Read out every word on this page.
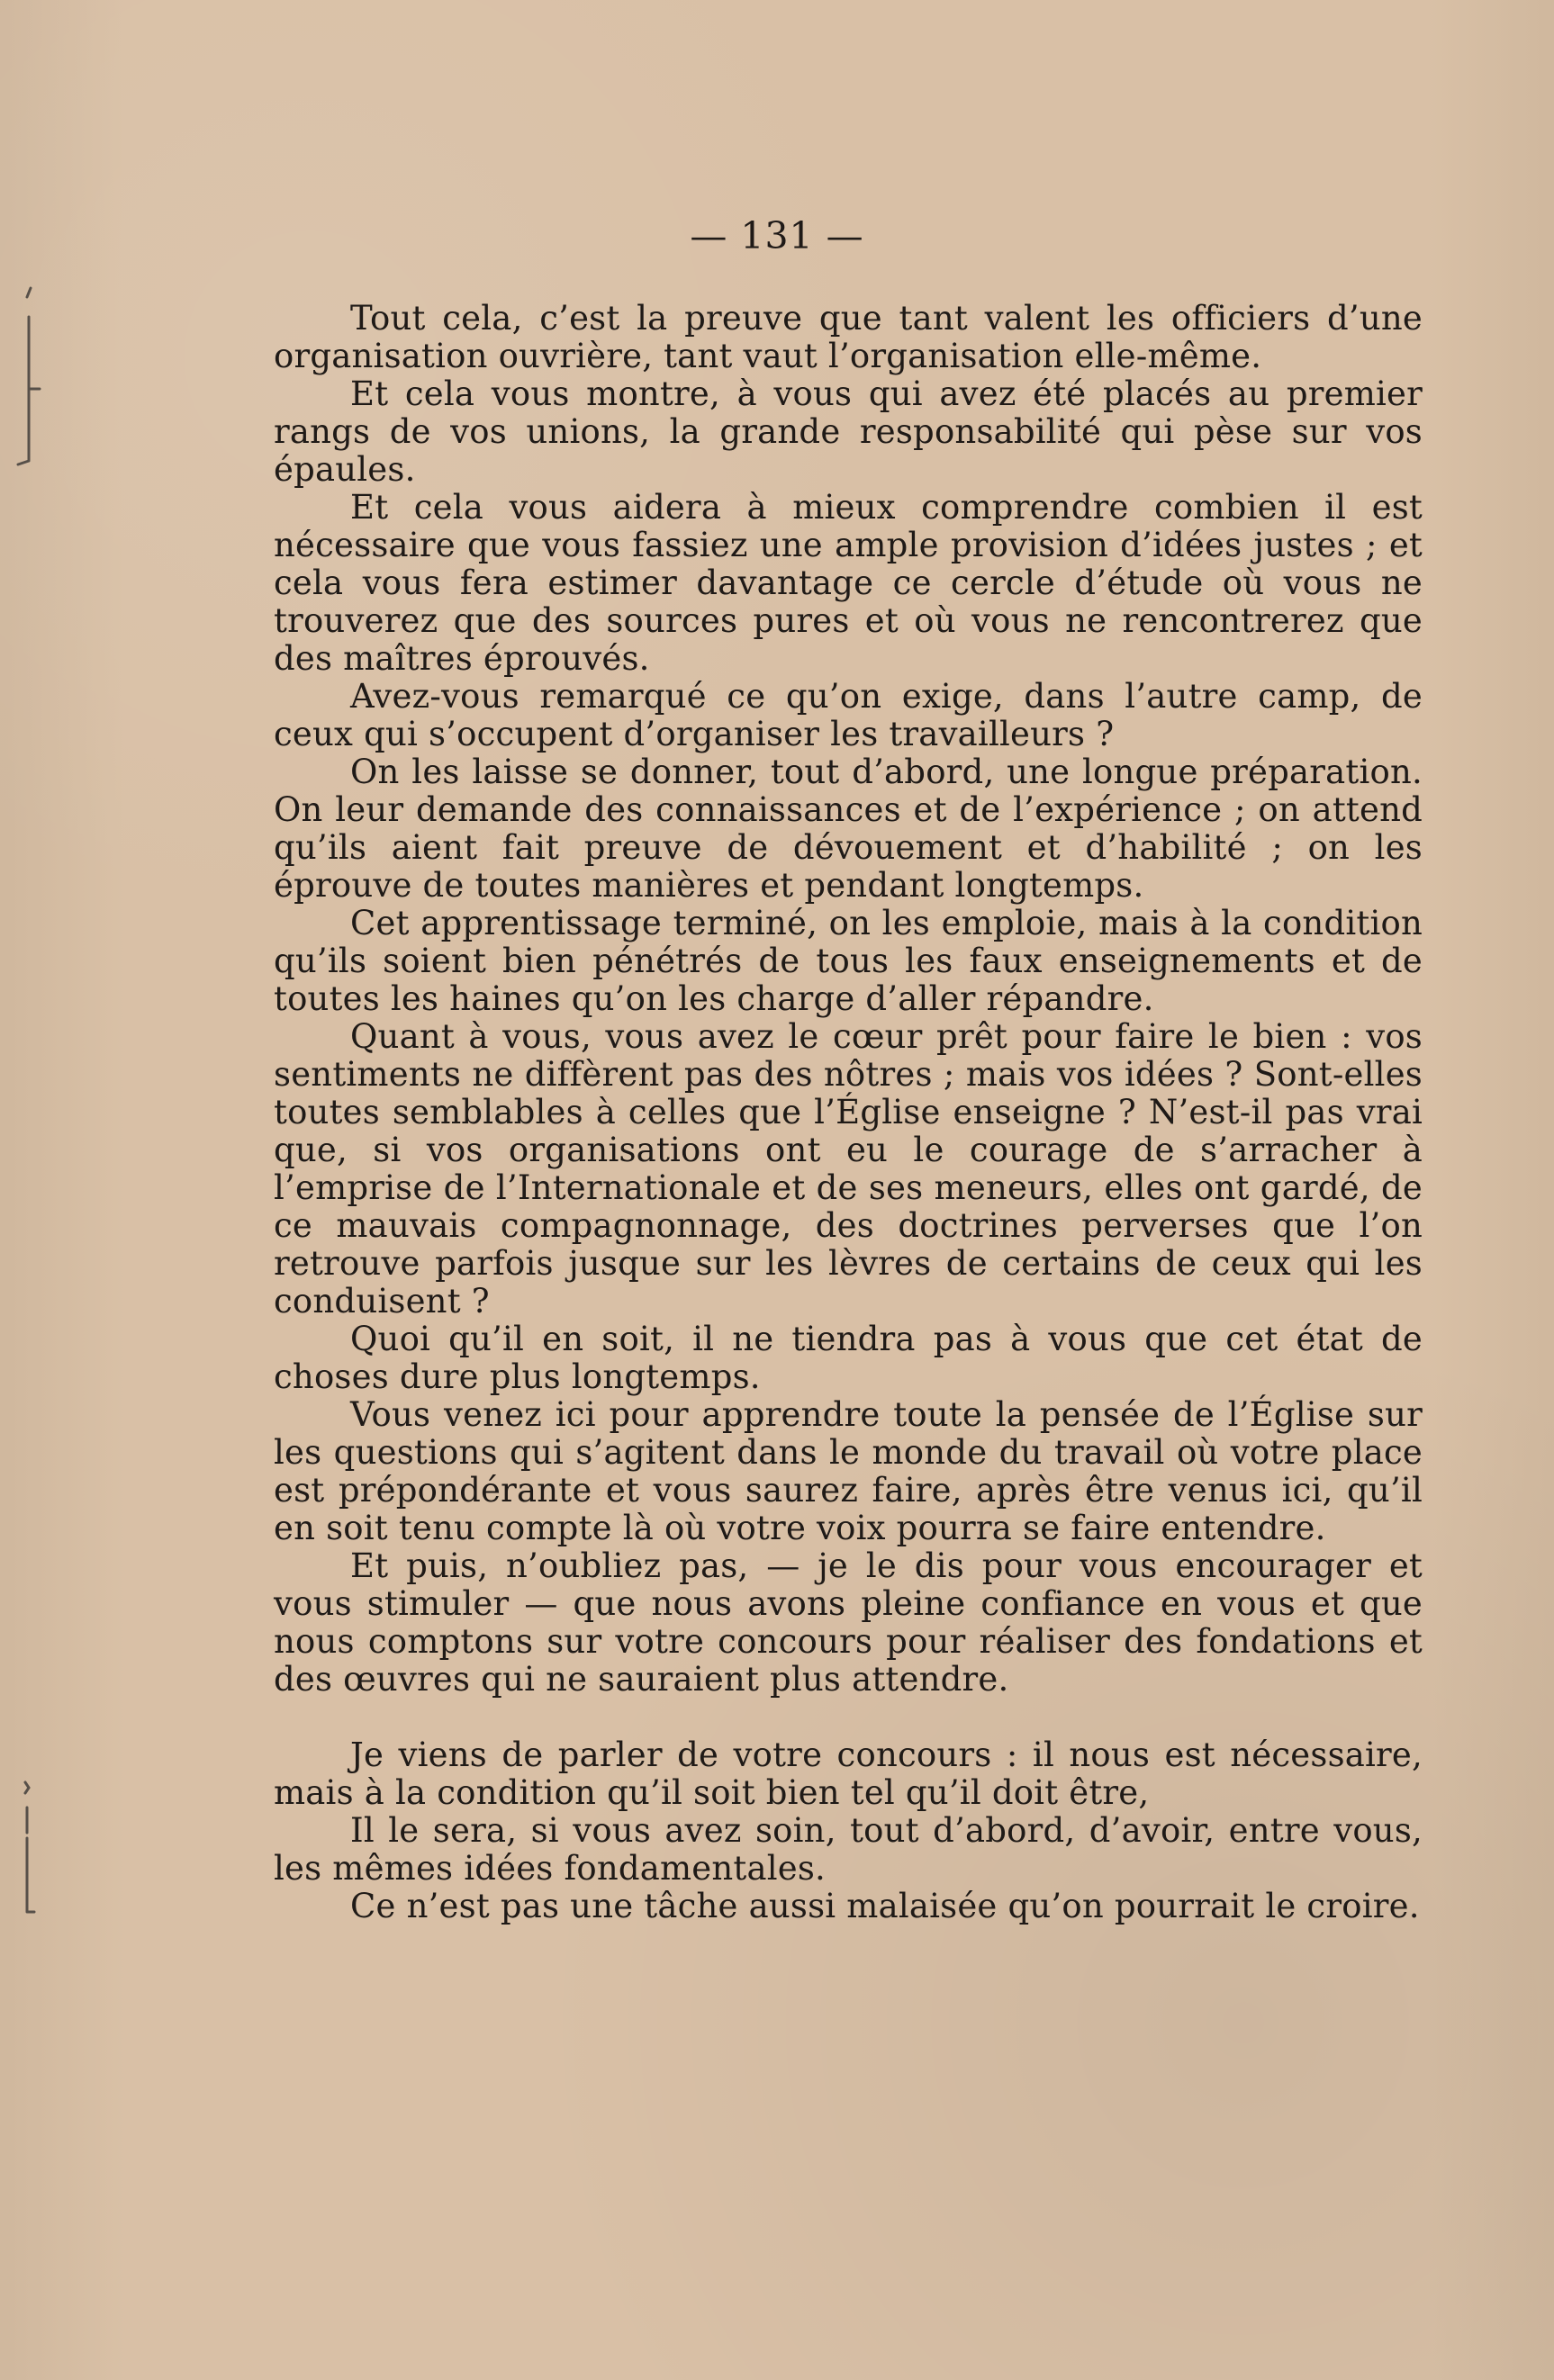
— 131 —

Tout cela, c’est la preuve que tant valent les officiers d’une organisation ouvrière, tant vaut l’organisation elle-même.

Et cela vous montre, à vous qui avez été placés au premier rangs de vos unions, la grande responsabilité qui pèse sur vos épaules.

Et cela vous aidera à mieux comprendre combien il est nécessaire que vous fassiez une ample provision d’idées justes ; et cela vous fera estimer davantage ce cercle d’étude où vous ne trouverez que des sources pures et où vous ne rencontrerez que des maîtres éprouvés.

Avez-vous remarqué ce qu’on exige, dans l’autre camp, de ceux qui s’occupent d’organiser les travailleurs ?

On les laisse se donner, tout d’abord, une longue préparation. On leur demande des connaissances et de l’expérience ; on attend qu’ils aient fait preuve de dévouement et d’habilité ; on les éprouve de toutes manières et pendant longtemps.

Cet apprentissage terminé, on les emploie, mais à la condition qu’ils soient bien pénétrés de tous les faux enseignements et de toutes les haines qu’on les charge d’aller répandre.

Quant à vous, vous avez le cœur prêt pour faire le bien : vos sentiments ne diffèrent pas des nôtres ; mais vos idées ? Sont-elles toutes semblables à celles que l’Église enseigne ? N’est-il pas vrai que, si vos organisations ont eu le courage de s’arracher à l’emprise de l’Internationale et de ses meneurs, elles ont gardé, de ce mauvais compagnonnage, des doctrines perverses que l’on retrouve parfois jusque sur les lèvres de certains de ceux qui les conduisent ?

Quoi qu’il en soit, il ne tiendra pas à vous que cet état de choses dure plus longtemps.

Vous venez ici pour apprendre toute la pensée de l’Église sur les questions qui s’agitent dans le monde du travail où votre place est prépondérante et vous saurez faire, après être venus ici, qu’il en soit tenu compte là où votre voix pourra se faire entendre.

Et puis, n’oubliez pas, — je le dis pour vous encourager et vous stimuler — que nous avons pleine confiance en vous et que nous comptons sur votre concours pour réaliser des fondations et des œuvres qui ne sauraient plus attendre.

Je viens de parler de votre concours : il nous est nécessaire, mais à la condition qu’il soit bien tel qu’il doit être,

Il le sera, si vous avez soin, tout d’abord, d’avoir, entre vous, les mêmes idées fondamentales.

Ce n’est pas une tâche aussi malaisée qu’on pourrait le croire.
